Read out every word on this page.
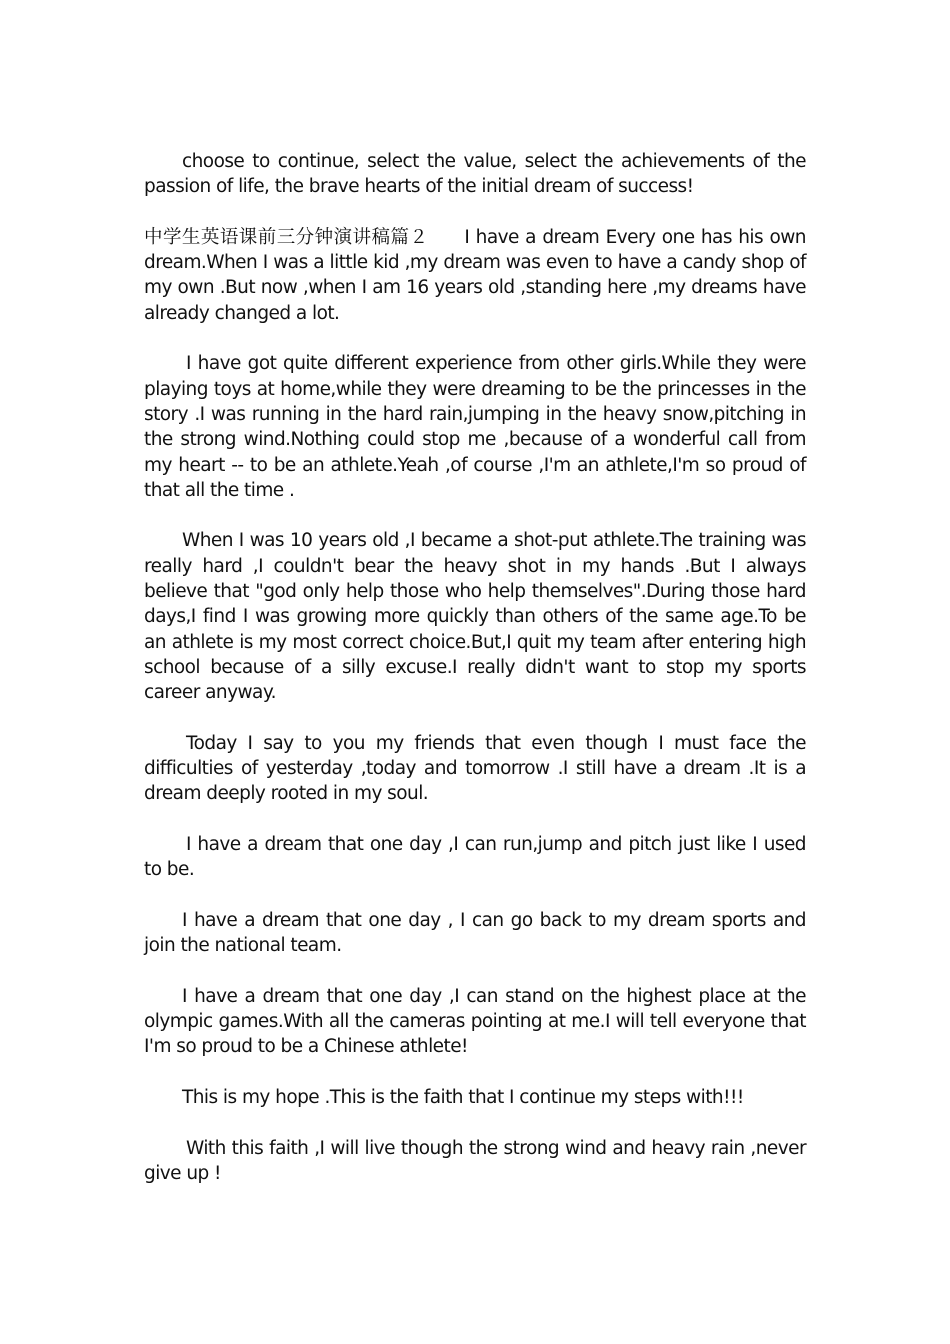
choose to continue, select the value, select the achievements of the passion of life, the brave hearts of the initial dream of success!

中学生英语课前三分钟演讲稿篇２ I have a dream Every one has his own dream.When I was a little kid ,my dream was even to have a candy shop of my own .But now ,when I am 16 years old ,standing here ,my dreams have already changed a lot.

I have got quite different experience from other girls.While they were playing toys at home,while they were dreaming to be the princesses in the story .I was running in the hard rain,jumping in the heavy snow,pitching in the strong wind.Nothing could stop me ,because of a wonderful call from my heart -- to be an athlete.Yeah ,of course ,I'm an athlete,I'm so proud of that all the time .

When I was 10 years old ,I became a shot-put athlete.The training was really hard ,I couldn't bear the heavy shot in my hands .But I always believe that "god only help those who help themselves".During those hard days,I find I was growing more quickly than others of the same age.To be an athlete is my most correct choice.But,I quit my team after entering high school because of a silly excuse.I really didn't want to stop my sports career anyway.

Today I say to you my friends that even though I must face the difficulties of yesterday ,today and tomorrow .I still have a dream .It is a dream deeply rooted in my soul.

I have a dream that one day ,I can run,jump and pitch just like I used to be.

I have a dream that one day , I can go back to my dream sports and join the national team.

I have a dream that one day ,I can stand on the highest place at the olympic games.With all the cameras pointing at me.I will tell everyone that I'm so proud to be a Chinese athlete!

This is my hope .This is the faith that I continue my steps with!!!

With this faith ,I will live though the strong wind and heavy rain ,never give up !
